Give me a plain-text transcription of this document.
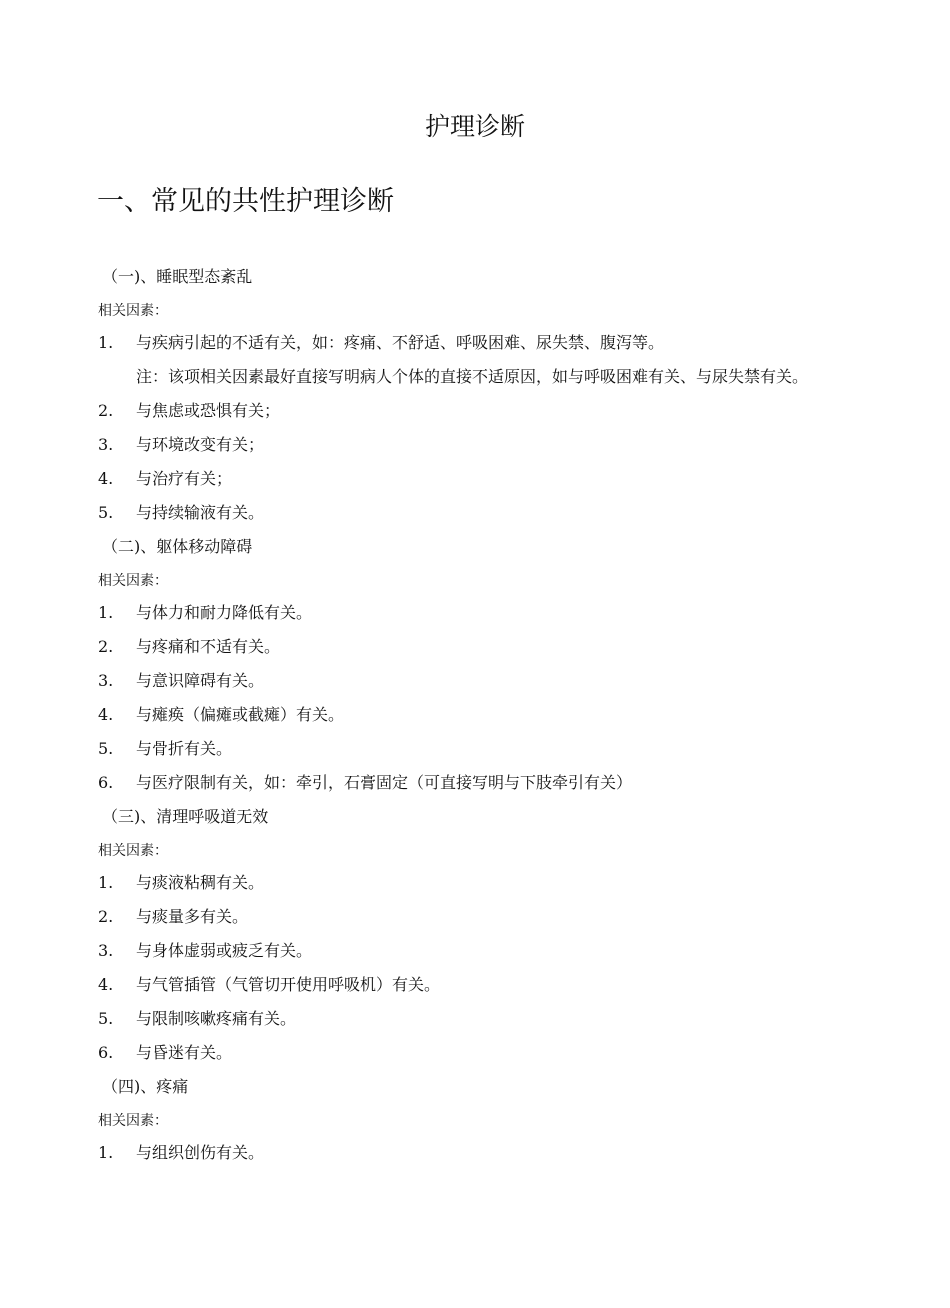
护理诊断
一、常见的共性护理诊断
（一)、睡眠型态紊乱
相关因素：
1.	与疾病引起的不适有关，如：疼痛、不舒适、呼吸困难、尿失禁、腹泻等。
注：该项相关因素最好直接写明病人个体的直接不适原因，如与呼吸困难有关、与尿失禁有关。
2.	与焦虑或恐惧有关；
3.	与环境改变有关；
4.	与治疗有关；
5.	与持续输液有关。
（二)、躯体移动障碍
相关因素：
1.	与体力和耐力降低有关。
2.	与疼痛和不适有关。
3.	与意识障碍有关。
4.	与瘫痪（偏瘫或截瘫）有关。
5.	与骨折有关。
6.	与医疗限制有关，如：牵引，石膏固定（可直接写明与下肢牵引有关）
（三)、清理呼吸道无效
相关因素：
1.	与痰液粘稠有关。
2.	与痰量多有关。
3.	与身体虚弱或疲乏有关。
4.	与气管插管（气管切开使用呼吸机）有关。
5.	与限制咳嗽疼痛有关。
6.	与昏迷有关。
（四)、疼痛
相关因素：
1.	与组织创伤有关。
